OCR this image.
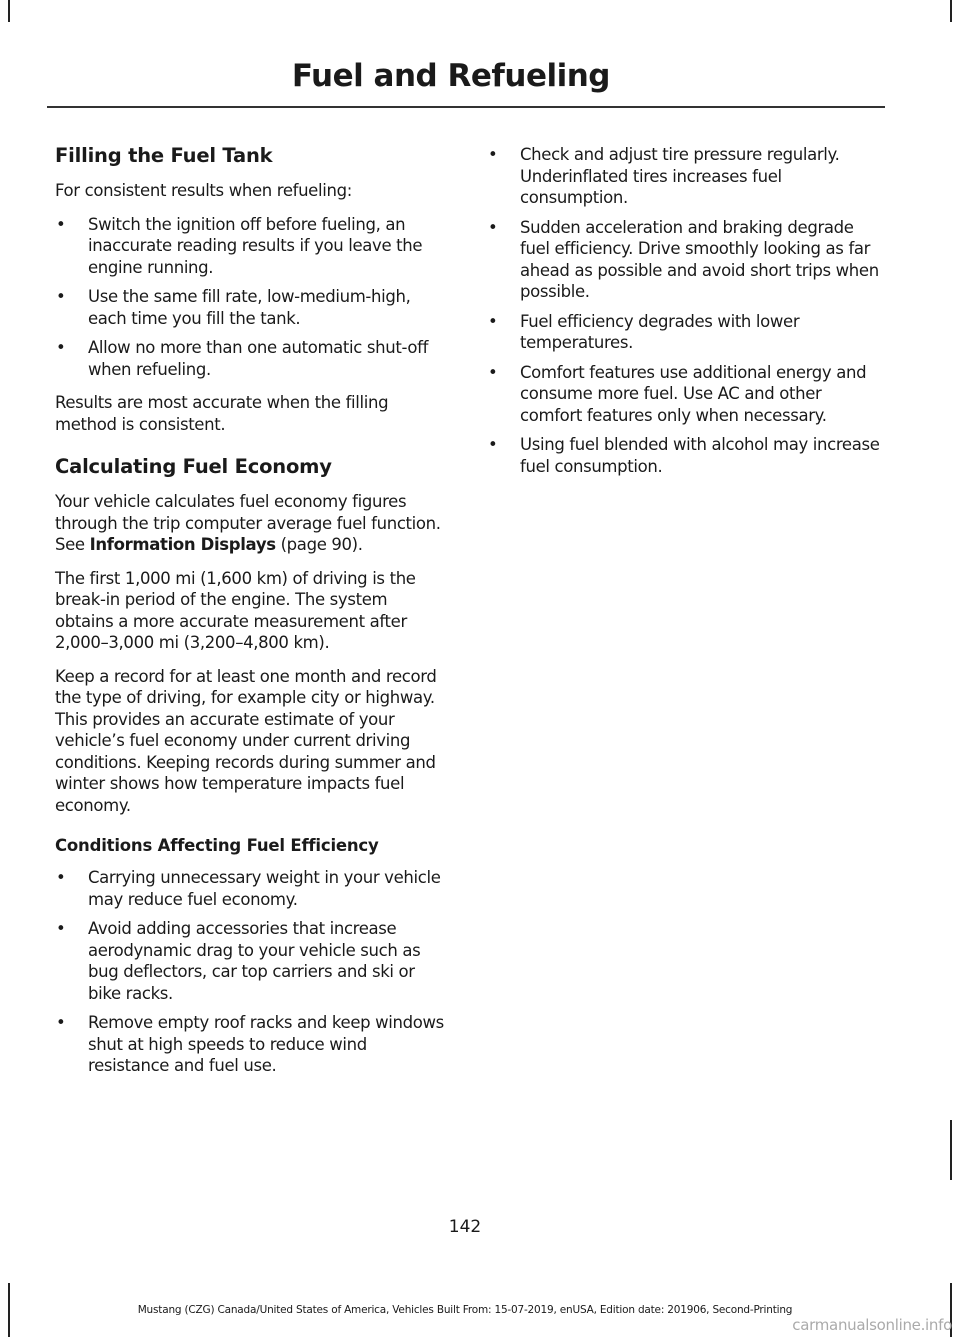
Fuel and Refueling
Filling the Fuel Tank

For consistent results when refueling:

• Switch the ignition off before fueling, an inaccurate reading results if you leave the engine running.
• Use the same fill rate, low-medium-high, each time you fill the tank.
• Allow no more than one automatic shut-off when refueling.

Results are most accurate when the filling method is consistent.

Calculating Fuel Economy

Your vehicle calculates fuel economy figures through the trip computer average fuel function. See Information Displays (page 90).

The first 1,000 mi (1,600 km) of driving is the break-in period of the engine. The system obtains a more accurate measurement after 2,000–3,000 mi (3,200–4,800 km).

Keep a record for at least one month and record the type of driving, for example city or highway. This provides an accurate estimate of your vehicle’s fuel economy under current driving conditions. Keeping records during summer and winter shows how temperature impacts fuel economy.

Conditions Affecting Fuel Efficiency
• Carrying unnecessary weight in your vehicle may reduce fuel economy.
• Avoid adding accessories that increase aerodynamic drag to your vehicle such as bug deflectors, car top carriers and ski or bike racks.
• Remove empty roof racks and keep windows shut at high speeds to reduce wind resistance and fuel use.
• Check and adjust tire pressure regularly. Underinflated tires increases fuel consumption.
• Sudden acceleration and braking degrade fuel efficiency. Drive smoothly looking as far ahead as possible and avoid short trips when possible.
• Fuel efficiency degrades with lower temperatures.
• Comfort features use additional energy and consume more fuel. Use AC and other comfort features only when necessary.
• Using fuel blended with alcohol may increase fuel consumption.
142
Mustang (CZG) Canada/United States of America, Vehicles Built From: 15-07-2019, enUSA, Edition date: 201906, Second-Printing
carmanualsonline.info
